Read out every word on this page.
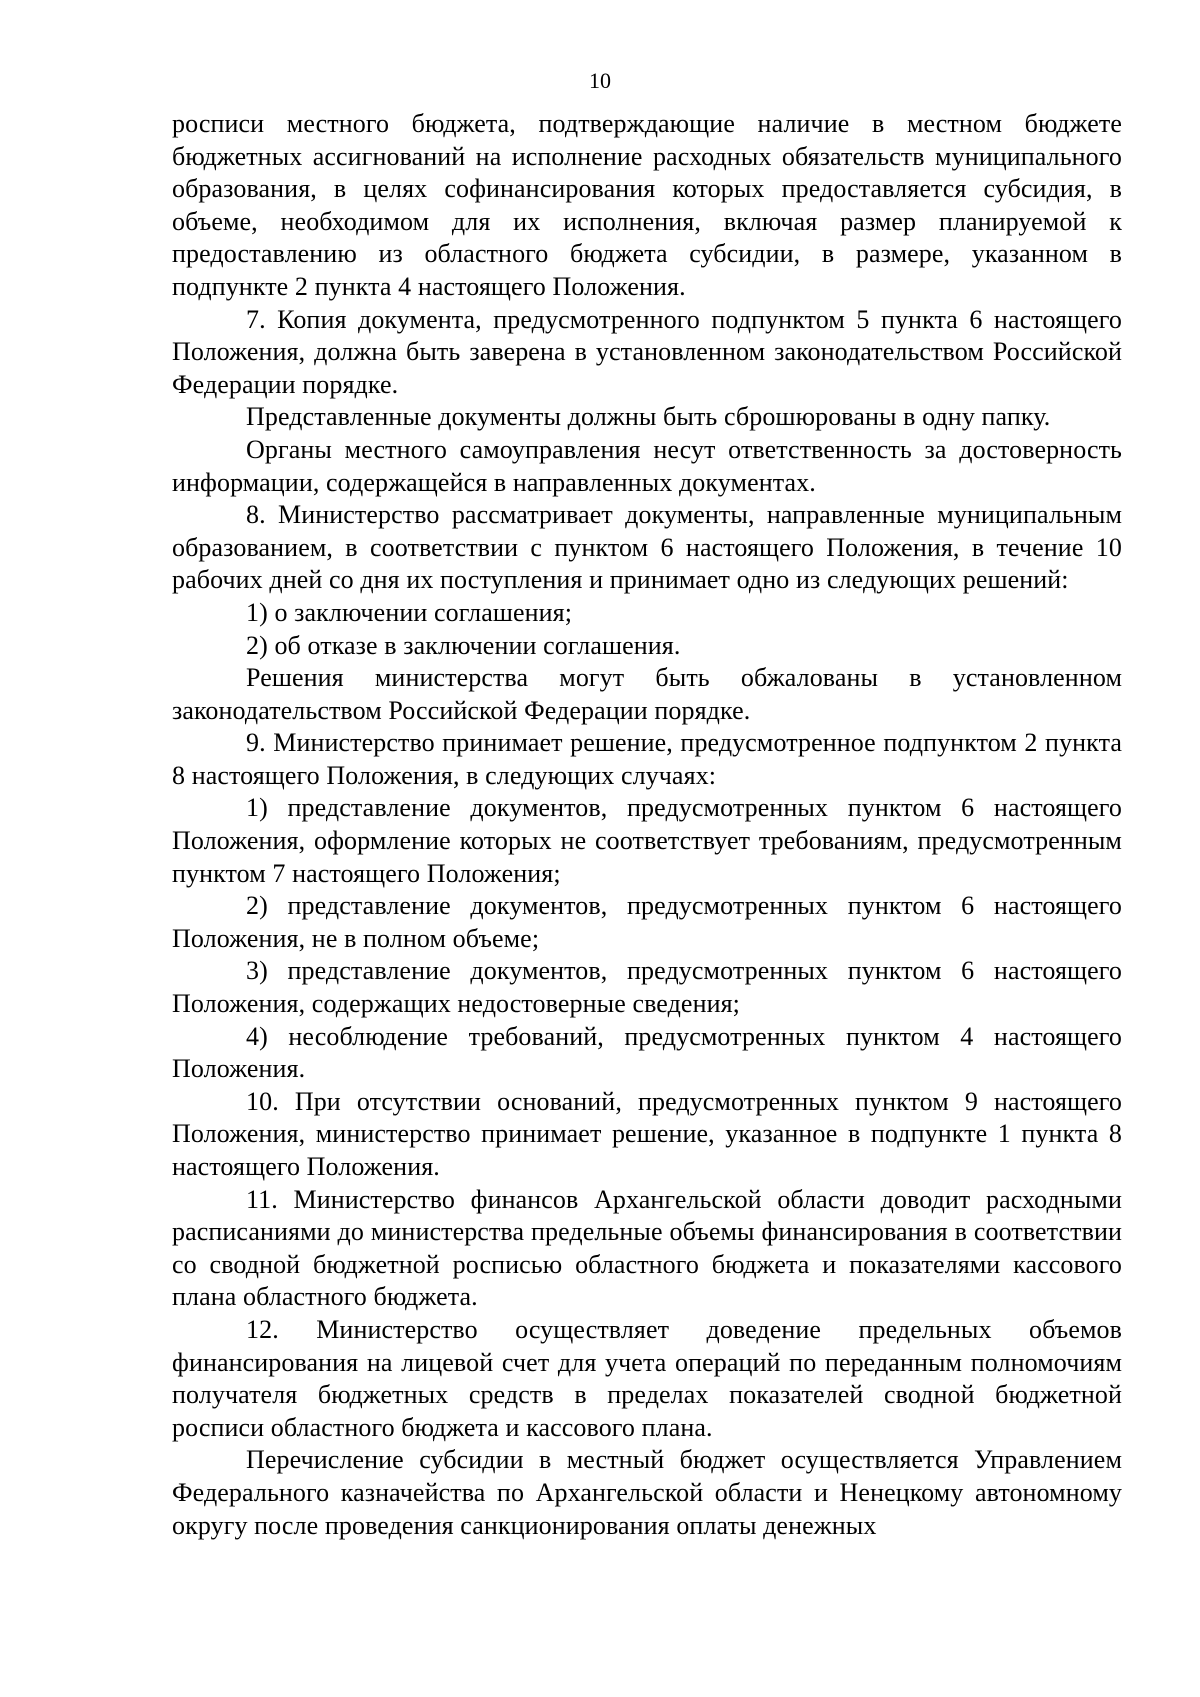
10

росписи местного бюджета, подтверждающие наличие в местном бюджете бюджетных ассигнований на исполнение расходных обязательств муниципального образования, в целях софинансирования которых предоставляется субсидия, в объеме, необходимом для их исполнения, включая размер планируемой к предоставлению из областного бюджета субсидии, в размере, указанном в подпункте 2 пункта 4 настоящего Положения.

7. Копия документа, предусмотренного подпунктом 5 пункта 6 настоящего Положения, должна быть заверена в установленном законодательством Российской Федерации порядке.

Представленные документы должны быть сброшюрованы в одну папку.

Органы местного самоуправления несут ответственность за достоверность информации, содержащейся в направленных документах.

8. Министерство рассматривает документы, направленные муниципальным образованием, в соответствии с пунктом 6 настоящего Положения, в течение 10 рабочих дней со дня их поступления и принимает одно из следующих решений:

1) о заключении соглашения;

2) об отказе в заключении соглашения.

Решения министерства могут быть обжалованы в установленном законодательством Российской Федерации порядке.

9. Министерство принимает решение, предусмотренное подпунктом 2 пункта 8 настоящего Положения, в следующих случаях:

1) представление документов, предусмотренных пунктом 6 настоящего Положения, оформление которых не соответствует требованиям, предусмотренным пунктом 7 настоящего Положения;

2) представление документов, предусмотренных пунктом 6 настоящего Положения, не в полном объеме;

3) представление документов, предусмотренных пунктом 6 настоящего Положения, содержащих недостоверные сведения;

4) несоблюдение требований, предусмотренных пунктом 4 настоящего Положения.

10. При отсутствии оснований, предусмотренных пунктом 9 настоящего Положения, министерство принимает решение, указанное в подпункте 1 пункта 8 настоящего Положения.

11. Министерство финансов Архангельской области доводит расходными расписаниями до министерства предельные объемы финансирования в соответствии со сводной бюджетной росписью областного бюджета и показателями кассового плана областного бюджета.

12. Министерство осуществляет доведение предельных объемов финансирования на лицевой счет для учета операций по переданным полномочиям получателя бюджетных средств в пределах показателей сводной бюджетной росписи областного бюджета и кассового плана.

Перечисление субсидии в местный бюджет осуществляется Управлением Федерального казначейства по Архангельской области и Ненецкому автономному округу после проведения санкционирования оплаты денежных
